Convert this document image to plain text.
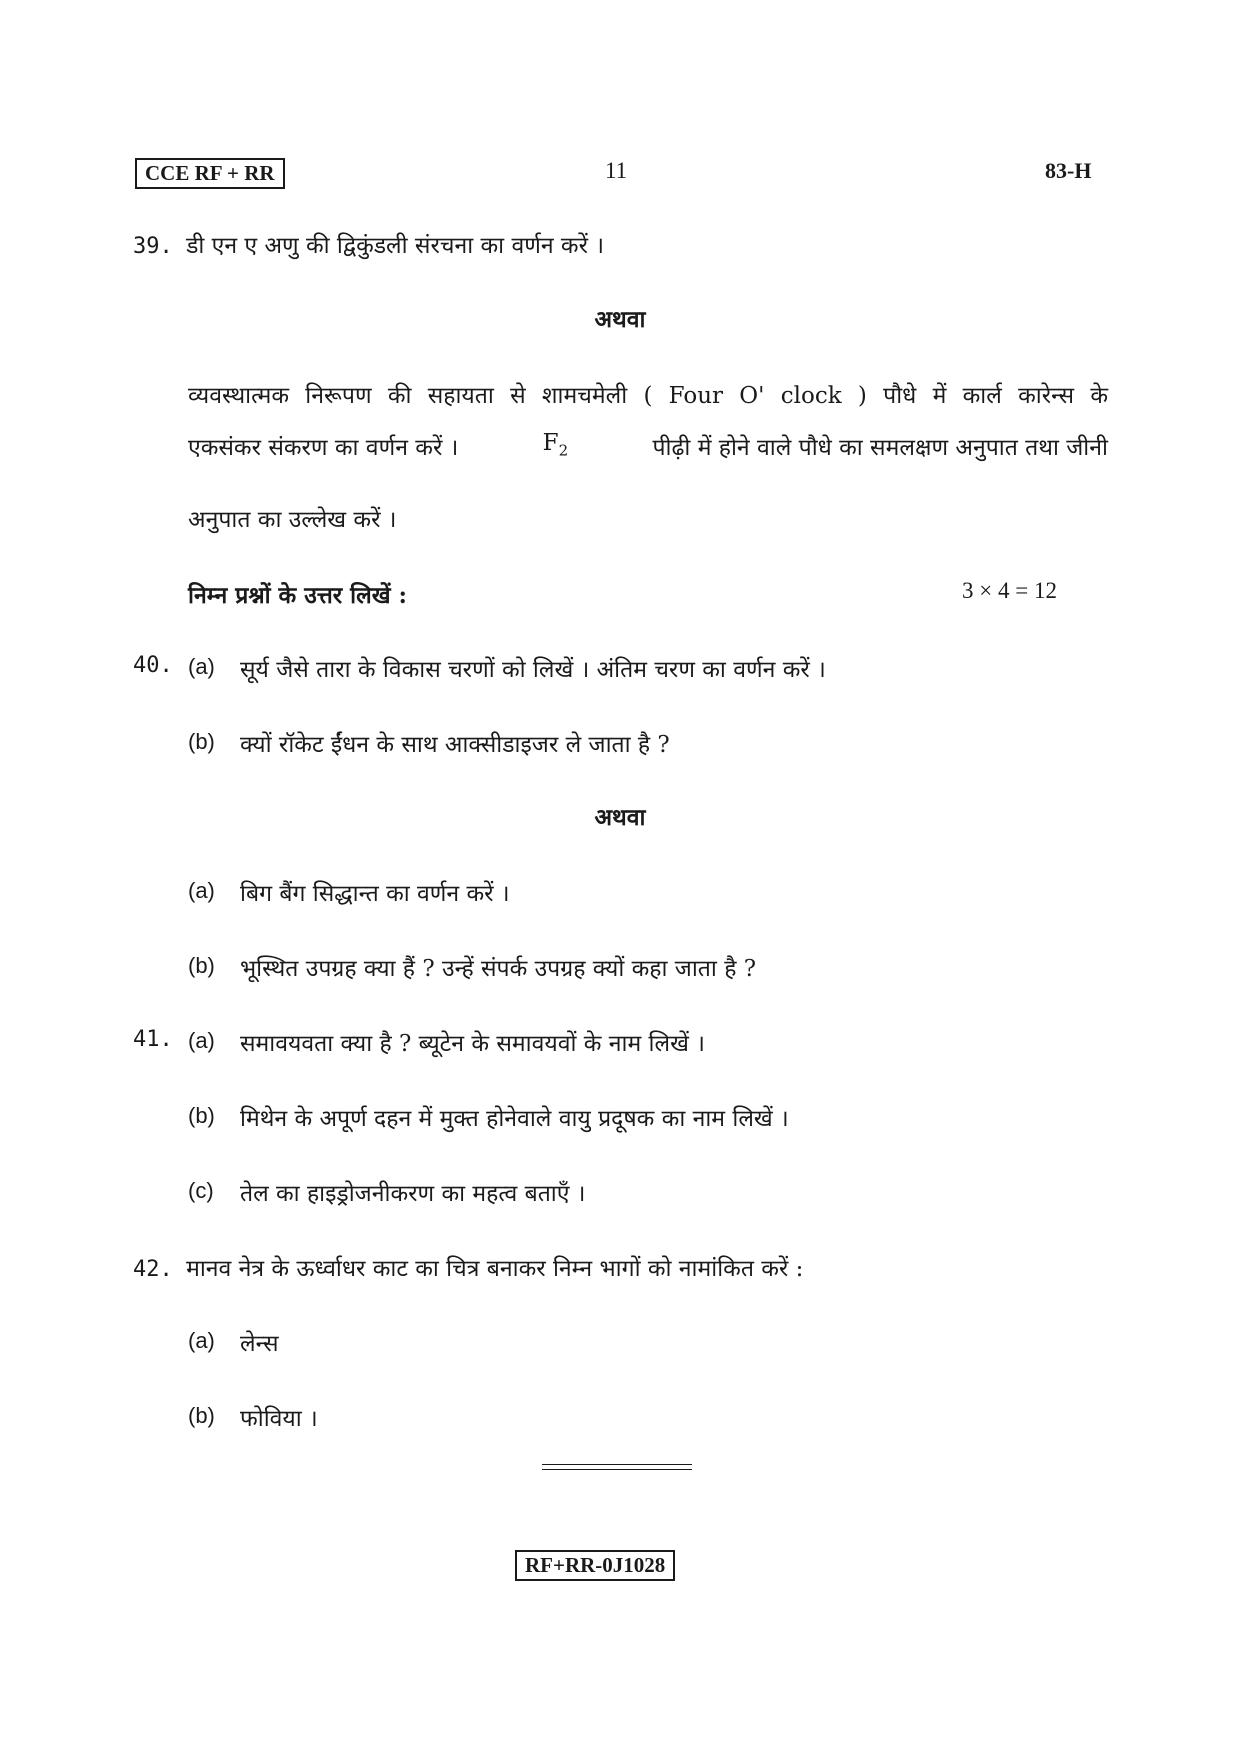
CCE RF + RR	11	83-H
39. डी एन ए अणु की द्विकुंडली संरचना का वर्णन करें ।
अथवा
व्यवस्थात्मक निरूपण की सहायता से शामचमेली ( Four O' clock ) पौधे में कार्ल कारेन्स के
एकसंकर संकरण का वर्णन करें ।	$F_2$	पीढ़ी में होने वाले पौधे का समलक्षण अनुपात तथा जीनी
अनुपात का उल्लेख करें ।
निम्न प्रश्नों के उत्तर लिखें :	3 × 4 = 12
40. (a) सूर्य जैसे तारा के विकास चरणों को लिखें । अंतिम चरण का वर्णन करें ।
(b) क्यों रॉकेट ईंधन के साथ आक्सीडाइजर ले जाता है ?
अथवा
(a) बिग बैंग सिद्धान्त का वर्णन करें ।
(b) भूस्थित उपग्रह क्या हैं ? उन्हें संपर्क उपग्रह क्यों कहा जाता है ?
41. (a) समावयवता क्या है ? ब्यूटेन के समावयवों के नाम लिखें ।
(b) मिथेन के अपूर्ण दहन में मुक्त होनेवाले वायु प्रदूषक का नाम लिखें ।
(c) तेल का हाइड्रोजनीकरण का महत्व बताएँ ।
42. मानव नेत्र के ऊर्ध्वाधर काट का चित्र बनाकर निम्न भागों को नामांकित करें :
(a) लेन्स
(b) फोविया ।
RF+RR-0J1028
